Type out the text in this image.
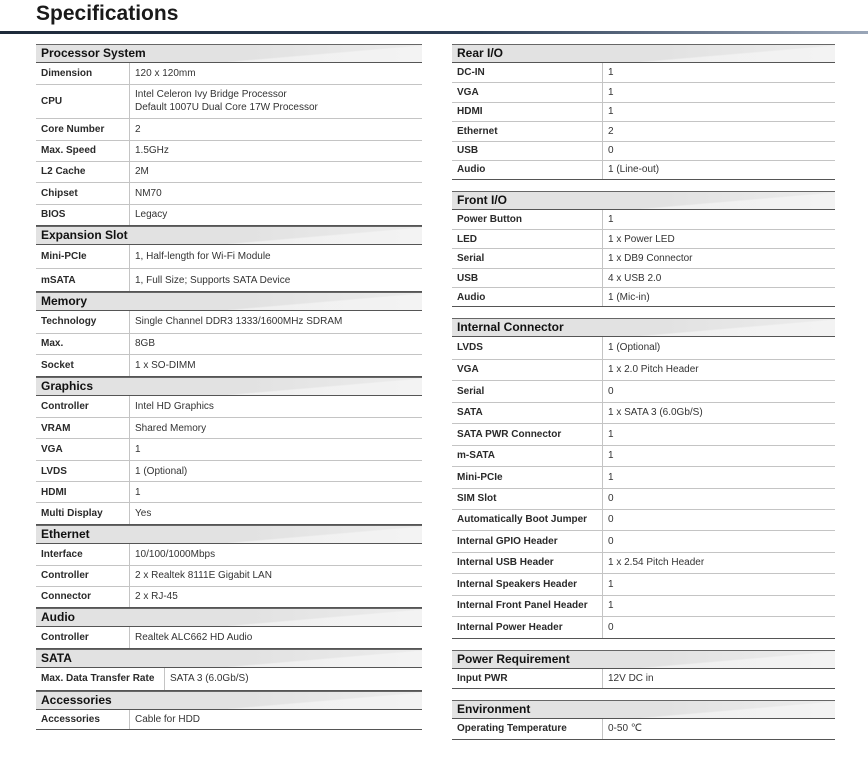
Specifications
Processor System
Dimension	120 x 120mm

CPU	Intel Celeron Ivy Bridge Processor
Default 1007U Dual Core 17W Processor

Core Number	2

Max. Speed	1.5GHz

L2 Cache	2M

Chipset	NM70

BIOS	Legacy
Expansion Slot
Mini-PCIe	1, Half-length for Wi-Fi Module

mSATA	1, Full Size; Supports SATA Device
Memory
Technology	Single Channel DDR3 1333/1600MHz SDRAM

Max.	8GB

Socket	1 x SO-DIMM
Graphics
Controller	Intel HD Graphics

VRAM	Shared Memory

VGA	1

LVDS	1 (Optional)

HDMI	1

Multi Display	Yes
Ethernet
Interface	10/100/1000Mbps

Controller	2 x Realtek 8111E Gigabit LAN

Connector	2 x RJ-45
Audio
Controller	Realtek ALC662 HD Audio
SATA
Max. Data Transfer Rate	SATA 3 (6.0Gb/S)
Accessories
Accessories	Cable for HDD
Rear I/O
DC-IN	1

VGA	1

HDMI	1

Ethernet	2

USB	0

Audio	1 (Line-out)
Front I/O
Power Button	1

LED	1 x Power LED

Serial	1 x DB9 Connector

USB	4 x USB 2.0

Audio	1 (Mic-in)
Internal Connector
LVDS	1 (Optional)

VGA	1 x 2.0 Pitch Header

Serial	0

SATA	1 x SATA 3 (6.0Gb/S)

SATA PWR Connector	1

m-SATA	1

Mini-PCIe	1

SIM Slot	0

Automatically Boot Jumper	0

Internal GPIO Header	0

Internal USB Header	1 x 2.54 Pitch Header

Internal Speakers Header	1

Internal Front Panel Header	1

Internal Power Header	0
Power Requirement
Input PWR	12V DC in
Environment
Operating Temperature	0-50 ℃
